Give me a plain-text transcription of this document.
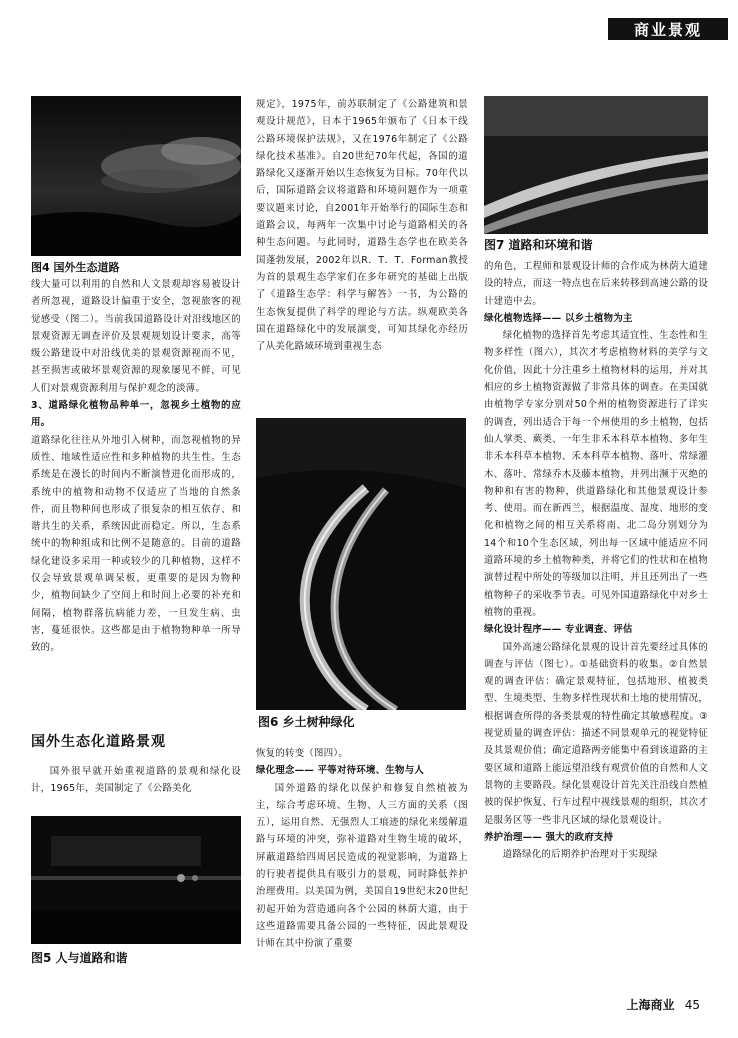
商业景观
图4 国外生态道路
图5 人与道路和谐
图6 乡土树种绿化
图7 道路和环境和谐

线大量可以利用的自然和人文景观却容易被设计者所忽视，道路设计偏重于安全，忽视旅客的视觉感受（图二）。当前我国道路设计对沿线地区的景观资源无调查评价及景观规划设计要求，高等级公路建设中对沿线优美的景观资源视而不见，甚至损害或破坏景观资源的现象屡见不鲜，可见人们对景观资源利用与保护观念的淡薄。

3、道路绿化植物品种单一，忽视乡土植物的应用。

道路绿化往往从外地引入树种，而忽视植物的异质性、地域性适应性和多种植物的共生性。生态系统是在漫长的时间内不断演替进化而形成的，系统中的植物和动物不仅适应了当地的自然条件，而且物种间也形成了很复杂的相互依存、和谐共生的关系，系统因此而稳定。所以，生态系统中的物种组成和比例不是随意的。目前的道路绿化建设多采用一种或较少的几种植物，这样不仅会导致景观单调呆板，更重要的是因为物种少，植物间缺少了空间上和时间上必要的补充和间隔，植物群落抗病能力差，一旦发生病、虫害，蔓延很快。这些都是由于植物物种单一所导致的。

国外生态化道路景观

国外很早就开始重视道路的景观和绿化设计，1965年，美国制定了《公路美化

规定》，1975年，前苏联制定了《公路建筑和景观设计规范》，日本于1965年颁布了《日本干线公路环境保护法规》，又在1976年制定了《公路绿化技术基准》。自20世纪70年代起，各国的道路绿化又逐渐开始以生态恢复为目标。70年代以后，国际道路会议将道路和环境问题作为一项重要议题来讨论，自2001年开始举行的国际生态和道路会议，每两年一次集中讨论与道路相关的各种生态问题。与此同时，道路生态学也在欧美各国蓬勃发展，2002年以R．T．T．Forman教授为首的景观生态学家们在多年研究的基础上出版了《道路生态学：科学与解答》一书，为公路的生态恢复提供了科学的理论与方法。纵观欧美各国在道路绿化中的发展演变，可知其绿化亦经历了从美化路域环境到重视生态

恢复的转变（图四）。

绿化理念—— 平等对待环境、生物与人

国外道路的绿化以保护和修复自然植被为主，综合考虑环境、生物、人三方面的关系（图五），运用自然、无强烈人工痕迹的绿化来缓解道路与环境的冲突，弥补道路对生物生境的破坏，屏蔽道路给四周居民造成的视觉影响，为道路上的行驶者提供具有吸引力的景观，同时降低养护治理费用。以美国为例，美国自19世纪末20世纪初起开始为营造通向各个公园的林荫大道，由于这些道路需要具备公园的一些特征，因此景观设计师在其中扮演了重要

的角色，工程师和景观设计师的合作成为林荫大道建设的特点，而这一特点也在后来转移到高速公路的设计建造中去。

绿化植物选择—— 以乡土植物为主

绿化植物的选择首先考虑其适宜性、生态性和生物多样性（图六），其次才考虑植物材料的美学与文化价值，因此十分注重乡土植物材料的运用，并对其相应的乡土植物资源做了非常具体的调查。在美国就由植物学专家分别对50个州的植物资源进行了详实的调查，列出适合于每一个州使用的乡土植物，包括仙人掌类、蕨类、一年生非禾本科草本植物、多年生非禾本科草本植物、禾本科草本植物、落叶、常绿灌木、落叶、常绿乔木及藤本植物，并列出濒于灭绝的物种和有害的物种，供道路绿化和其他景观设计参考、使用。而在新西兰，根据温度、湿度、地形的变化和植物之间的相互关系将南、北二岛分别划分为14个和10个生态区域，列出每一区域中能适应不同道路环境的乡土植物种类，并将它们的性状和在植物演替过程中所处的等级加以注明，并且还列出了一些植物种子的采收季节表。可见外国道路绿化中对乡土植物的重视。

绿化设计程序—— 专业调查、评估

国外高速公路绿化景观的设计首先要经过具体的调查与评估（图七）。①基础资料的收集。②自然景观的调查评估：确定景观特征，包括地形、植被类型、生境类型、生物多样性现状和土地的使用情况，根据调查所得的各类景观的特性确定其敏感程度。③视觉质量的调查评估：描述不同景观单元的视觉特征及其景观价值；确定道路两旁能集中看到该道路的主要区域和道路上能远望沿线有观赏价值的自然和人文景物的主要路段。绿化景观设计首先关注沿线自然植被的保护恢复、行车过程中视线景观的组织，其次才是服务区等一些非凡区域的绿化景观设计。

养护治理—— 强大的政府支持

道路绿化的后期养护治理对于实现绿

上海商业 45
